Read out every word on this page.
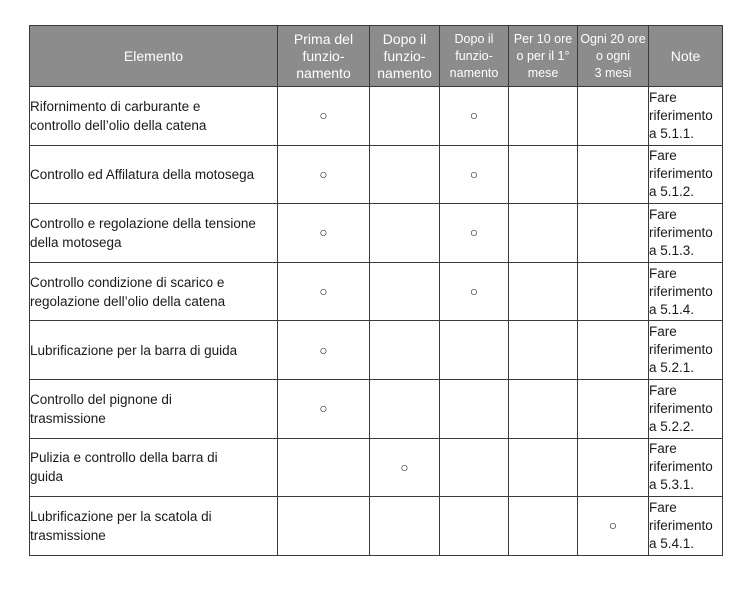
Elemento	Prima del
funzio-
namento	Dopo il
funzio-
namento	Dopo il
funzio-
namento	Per 10 ore
o per il 1°
mese	Ogni 20 ore
o ogni
3 mesi	Note

Rifornimento di carburante e
controllo dell’olio della catena	○		○			Fare
riferimento
a 5.1.1.

Controllo ed Affilatura della motosega	○		○			Fare
riferimento
a 5.1.2.

Controllo e regolazione della tensione
della motosega	○		○			Fare
riferimento
a 5.1.3.

Controllo condizione di scarico e
regolazione dell’olio della catena	○		○			Fare
riferimento
a 5.1.4.

Lubrificazione per la barra di guida	○					Fare
riferimento
a 5.2.1.

Controllo del pignone di
trasmissione	○					Fare
riferimento
a 5.2.2.

Pulizia e controllo della barra di
guida		○				Fare
riferimento
a 5.3.1.

Lubrificazione per la scatola di
trasmissione					○	Fare
riferimento
a 5.4.1.
